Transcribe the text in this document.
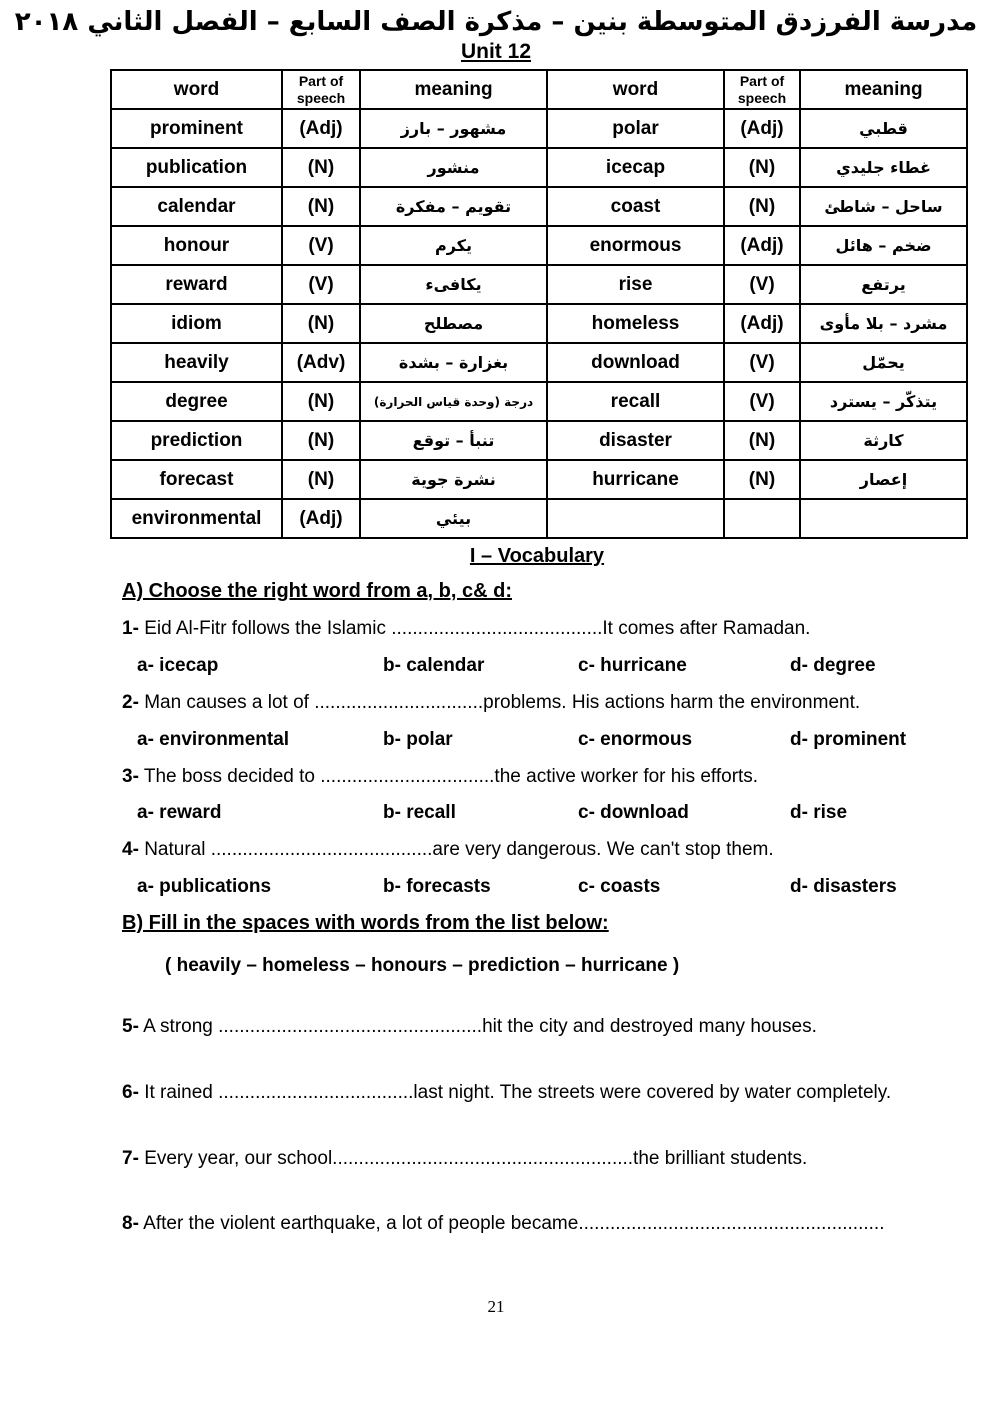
مدرسة الفرزدق المتوسطة بنين – مذكرة الصف السابع – الفصل الثاني ٢٠١٨
Unit 12
word	Part of speech	meaning	word	Part of speech	meaning
prominent	(Adj)	مشهور – بارز	polar	(Adj)	قطبي
publication	(N)	منشور	icecap	(N)	غطاء جليدي
calendar	(N)	تقويم – مفكرة	coast	(N)	ساحل – شاطئ
honour	(V)	يكرم	enormous	(Adj)	ضخم – هائل
reward	(V)	يكافىء	rise	(V)	يرتفع
idiom	(N)	مصطلح	homeless	(Adj)	مشرد – بلا مأوى
heavily	(Adv)	بغزارة – بشدة	download	(V)	يحمّل
degree	(N)	درجة (وحدة قياس الحرارة)	recall	(V)	يتذكّر – يسترد
prediction	(N)	تنبأ – توقع	disaster	(N)	كارثة
forecast	(N)	نشرة جوية	hurricane	(N)	إعصار
environmental	(Adj)	بيئي			
I – Vocabulary
A) Choose the right word from a, b, c& d:

1- Eid Al-Fitr follows the Islamic ........................................It comes after Ramadan.

a- icecap	b- calendar	c- hurricane	d- degree

2- Man causes a lot of ................................problems. His actions harm the environment.

a- environmental	b- polar	c- enormous	d- prominent

3- The boss decided to .................................the active worker for his efforts.

a- reward	b- recall	c- download	d- rise

4- Natural ..........................................are very dangerous. We can't stop them.

a- publications	b- forecasts	c- coasts	d- disasters
B) Fill in the spaces with words from the list below:
( heavily – homeless – honours – prediction – hurricane )

5- A strong ..................................................hit the city and destroyed many houses.

6- It rained .....................................last night. The streets were covered by water completely.

7- Every year, our school.........................................................the brilliant students.

8- After the violent earthquake, a lot of people became..........................................................

21
